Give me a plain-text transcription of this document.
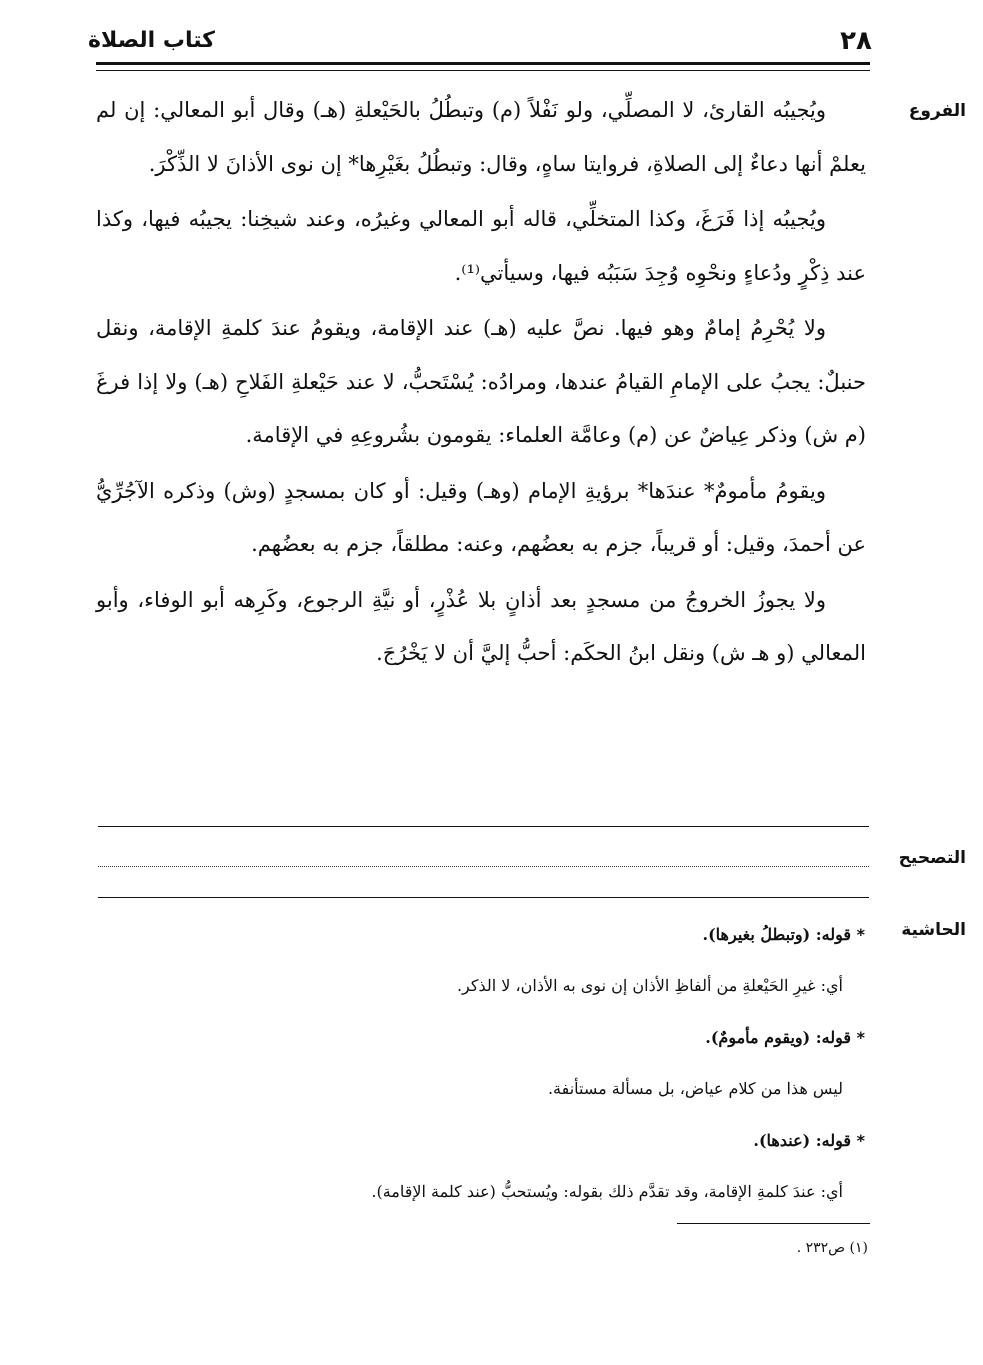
٢٨
كتاب الصلاة
الفروع

ويُجيبُه القارئ، لا المصلِّي، ولو نَفْلاً (م) وتبطُلُ بالحَيْعلةِ (هـ) وقال أبو المعالي: إن لم يعلمْ أنها دعاءٌ إلى الصلاةِ، فروايتا ساهٍ، وقال: وتبطُلُ بغَيْرِها* إن نوى الأذانَ لا الذِّكْرَ.

ويُجيبُه إذا فَرَغَ، وكذا المتخلِّي، قاله أبو المعالي وغيرُه، وعند شيخِنا: يجيبُه فيها، وكذا عند ذِكْرٍ ودُعاءٍ ونحْوِه وُجِدَ سَبَبُه فيها، وسيأتي⁽¹⁾.

ولا يُحْرِمُ إمامٌ وهو فيها. نصَّ عليه (هـ) عند الإقامة، ويقومُ عندَ كلمةِ الإقامة، ونقل حنبلٌ: يجبُ على الإمامِ القيامُ عندها، ومرادُه: يُسْتَحبُّ، لا عند حَيْعلةِ الفَلاحِ (هـ) ولا إذا فرغَ (م ش) وذكر عِياضٌ عن (م) وعامَّة العلماء: يقومون بشُروعِهِ في الإقامة.

ويقومُ مأمومٌ* عندَها* برؤيةِ الإمام (وهـ) وقيل: أو كان بمسجدٍ (وش) وذكره الآجُرِّيُّ عن أحمدَ، وقيل: أو قريباً، جزم به بعضُهم، وعنه: مطلقاً، جزم به بعضُهم.

ولا يجوزُ الخروجُ من مسجدٍ بعد أذانٍ بلا عُذْرٍ، أو نيَّةِ الرجوع، وكَرِهه أبو الوفاء، وأبو المعالي (و هـ ش) ونقل ابنُ الحكَم: أحبُّ إليَّ أن لا يَخْرُجَ.

التصحيح
الحاشية

* قوله: (وتبطلُ بغيرها).

أي: غيرِ الحَيْعلةِ من ألفاظِ الأذان إن نوى به الأذان، لا الذكر.

* قوله: (ويقوم مأمومٌ).

ليس هذا من كلام عياض، بل مسألة مستأنفة.

* قوله: (عندها).

أي: عندَ كلمةِ الإقامة، وقد تقدَّم ذلك بقوله: ويُستحبُّ (عند كلمة الإقامة).

(١) ص٢٣٢ .
